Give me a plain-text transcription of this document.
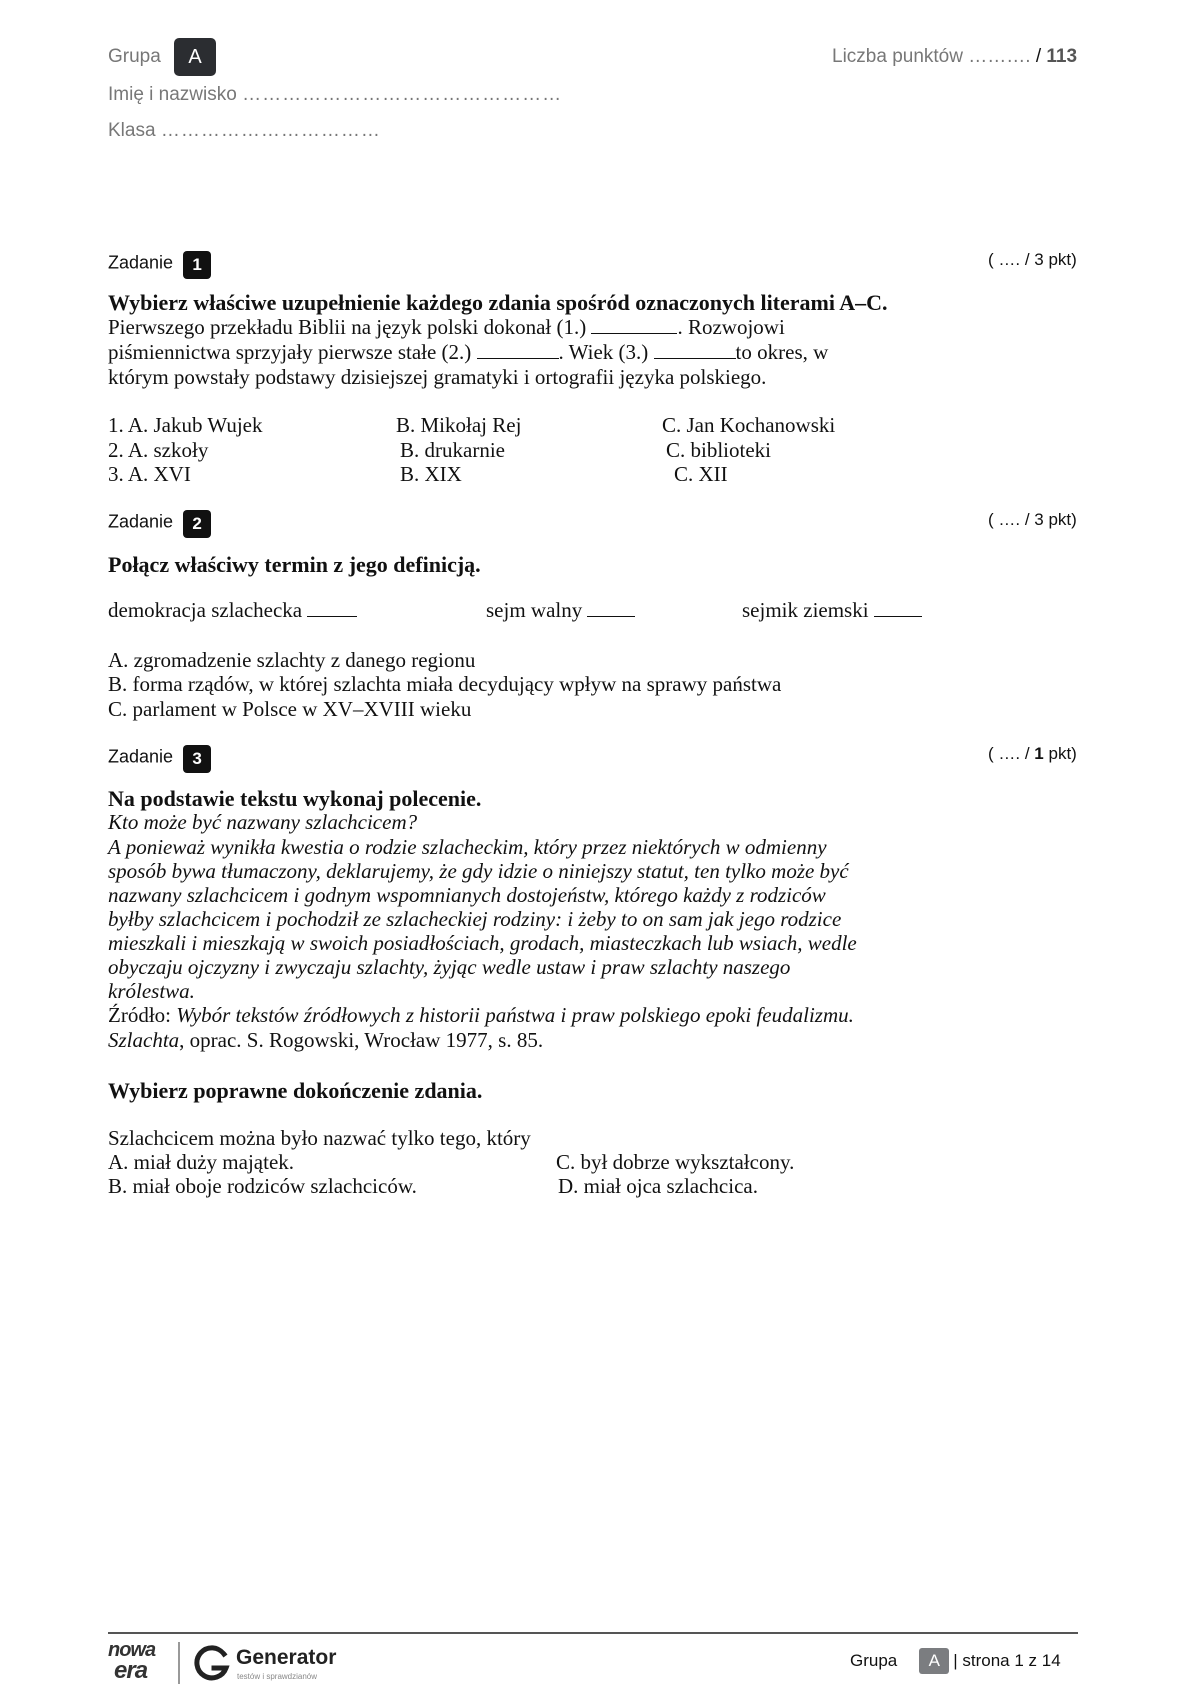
Grupa	A	Liczba punktów ………. / 113
Imię i nazwisko …………………………………………
Klasa ……………………………
Zadanie 1	( …. / 3 pkt)
Wybierz właściwe uzupełnienie każdego zdania spośród oznaczonych literami A–C.
Pierwszego przekładu Biblii na język polski dokonał (1.)	. Rozwojowi
piśmiennictwa sprzyjały pierwsze stałe (2.)	. Wiek (3.)	to okres, w
którym powstały podstawy dzisiejszej gramatyki i ortografii języka polskiego.
1. A. Jakub Wujek	B. Mikołaj Rej	C. Jan Kochanowski
2. A. szkoły	B. drukarnie	C. biblioteki
3. A. XVI	B. XIX	C. XII
Zadanie 2	( …. / 3 pkt)
Połącz właściwy termin z jego definicją.
demokracja szlachecka	sejm walny	sejmik ziemski
A. zgromadzenie szlachty z danego regionu
B. forma rządów, w której szlachta miała decydujący wpływ na sprawy państwa
C. parlament w Polsce w XV–XVIII wieku
Zadanie 3	( …. / 1 pkt)
Na podstawie tekstu wykonaj polecenie.
Kto może być nazwany szlachcicem?
A ponieważ wynikła kwestia o rodzie szlacheckim, który przez niektórych w odmienny
sposób bywa tłumaczony, deklarujemy, że gdy idzie o niniejszy statut, ten tylko może być
nazwany szlachcicem i godnym wspomnianych dostojeństw, którego każdy z rodziców
byłby szlachcicem i pochodził ze szlacheckiej rodziny: i żeby to on sam jak jego rodzice
mieszkali i mieszkają w swoich posiadłościach, grodach, miasteczkach lub wsiach, wedle
obyczaju ojczyzny i zwyczaju szlachty, żyjąc wedle ustaw i praw szlachty naszego
królestwa.
Źródło: Wybór tekstów źródłowych z historii państwa i praw polskiego epoki feudalizmu.
Szlachta, oprac. S. Rogowski, Wrocław 1977, s. 85.
Wybierz poprawne dokończenie zdania.
Szlachcicem można było nazwać tylko tego, który
A. miał duży majątek.	C. był dobrze wykształcony.
B. miał oboje rodziców szlachciców.	D. miał ojca szlachcica.
nowa
era	Generator
testów i sprawdzianów
Grupa A | strona 1 z 14
